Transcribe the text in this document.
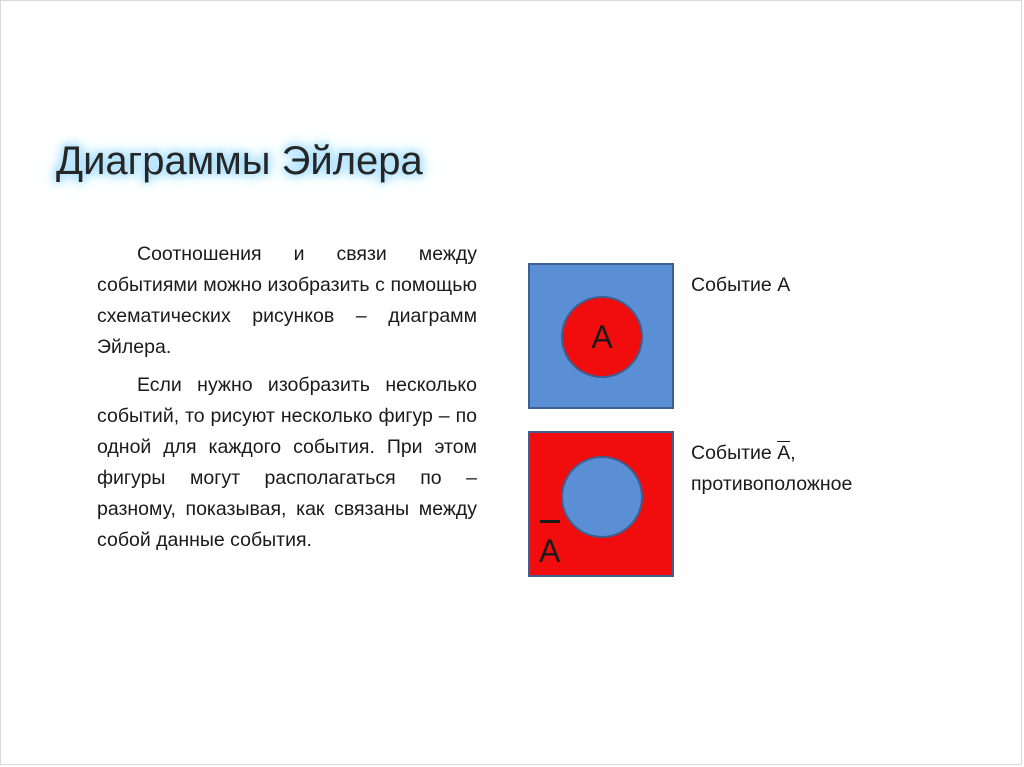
Диаграммы Эйлера

Соотношения и связи между событиями можно изобразить с помощью схематических рисунков – диаграмм Эйлера.

Если нужно изобразить несколько событий, то рисуют несколько фигур – по одной для каждого события. При этом фигуры могут располагаться по – разному, показывая, как связаны между собой данные события.

А
Событие А
А
Событие А,
противоположное
